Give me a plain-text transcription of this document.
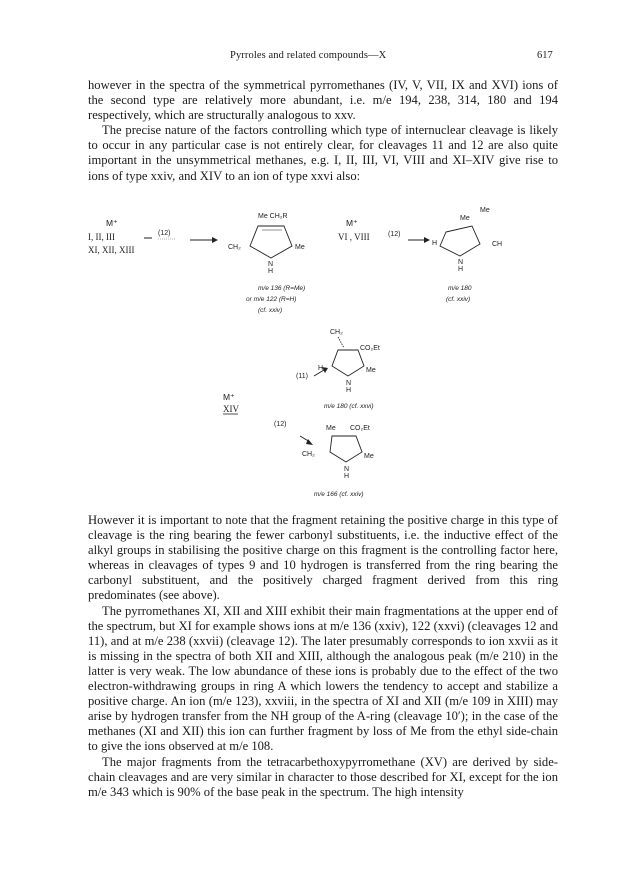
Pyrroles and related compounds—X	617

however in the spectra of the symmetrical pyrromethanes (IV, V, VII, IX and XVI) ions of the second type are relatively more abundant, i.e. m/e 194, 238, 314, 180 and 194 respectively, which are structurally analogous to xxv.

The precise nature of the factors controlling which type of internuclear cleavage is likely to occur in any particular case is not entirely clear, for cleavages 11 and 12 are also quite important in the unsymmetrical methanes, e.g. I, II, III, VI, VIII and XI–XIV give rise to ions of type xxiv, and XIV to an ion of type xxvi also:

M⁺
I, II, III
XI, XII, XIII
(12)
Me CH₂R
CH₂	Me
N
H
m/e 136 (R=Me)
or m/e 122 (R=H)
(cf. xxiv)
M⁺
VI , VIII	(12)
Me
Me
H	CH
N
H
m/e 180
(cf. xxiv)
M⁺
XIV
(11)
(12)
CH₂
CO₂Et
H	Me
N
H
m/e 180 (cf. xxvi)
Me CO₂Et
CH₂	Me
N
H
m/e 166 (cf. xxiv)

However it is important to note that the fragment retaining the positive charge in this type of cleavage is the ring bearing the fewer carbonyl substituents, i.e. the inductive effect of the alkyl groups in stabilising the positive charge on this fragment is the controlling factor here, whereas in cleavages of types 9 and 10 hydrogen is transferred from the ring bearing the carbonyl substituent, and the positively charged fragment derived from this ring predominates (see above).

The pyrromethanes XI, XII and XIII exhibit their main fragmentations at the upper end of the spectrum, but XI for example shows ions at m/e 136 (xxiv), 122 (xxvi) (cleavages 12 and 11), and at m/e 238 (xxvii) (cleavage 12). The later presumably corresponds to ion xxvii as it is missing in the spectra of both XII and XIII, although the analogous peak (m/e 210) in the latter is very weak. The low abundance of these ions is probably due to the effect of the two electron-withdrawing groups in ring A which lowers the tendency to accept and stabilize a positive charge. An ion (m/e 123), xxviii, in the spectra of XI and XII (m/e 109 in XIII) may arise by hydrogen transfer from the NH group of the A-ring (cleavage 10′); in the case of the methanes (XI and XII) this ion can further fragment by loss of Me from the ethyl side-chain to give the ions observed at m/e 108.

The major fragments from the tetracarbethoxypyrromethane (XV) are derived by side-chain cleavages and are very similar in character to those described for XI, except for the ion m/e 343 which is 90% of the base peak in the spectrum. The high intensity
